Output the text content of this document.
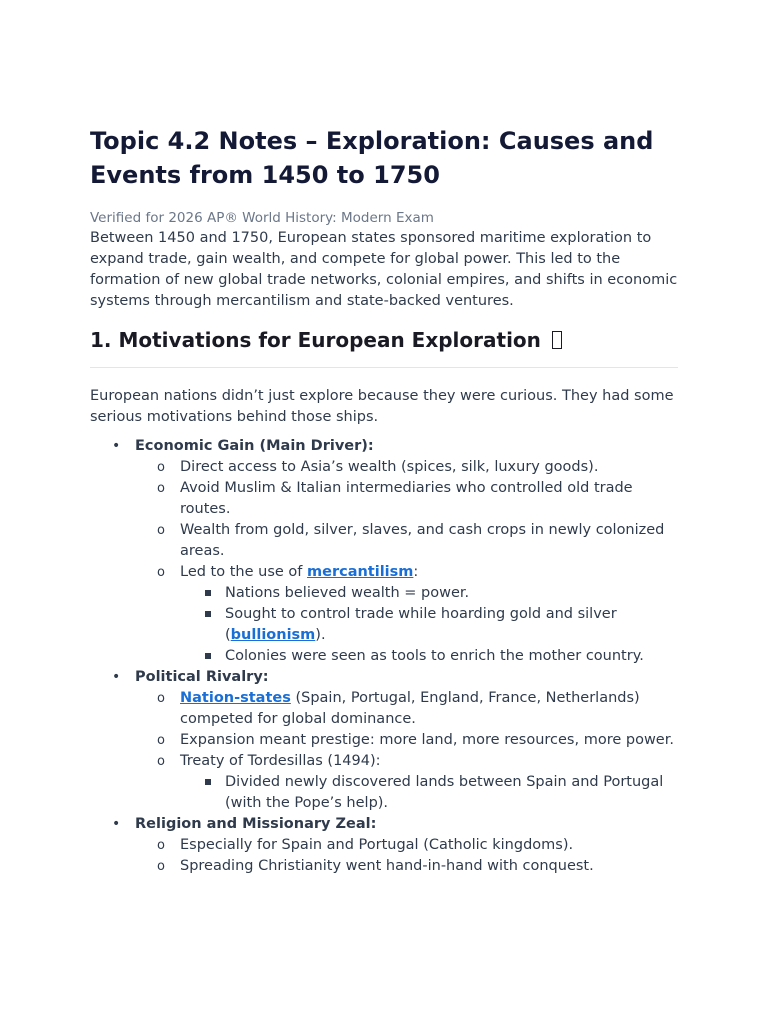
Topic 4.2 Notes – Exploration: Causes and Events from 1450 to 1750
Verified for 2026 AP® World History: Modern Exam

Between 1450 and 1750, European states sponsored maritime exploration to expand trade, gain wealth, and compete for global power. This led to the formation of new global trade networks, colonial empires, and shifts in economic systems through mercantilism and state-backed ventures.

1. Motivations for European Exploration

European nations didn’t just explore because they were curious. They had some serious motivations behind those ships.

• Economic Gain (Main Driver):
o Direct access to Asia’s wealth (spices, silk, luxury goods).
o Avoid Muslim & Italian intermediaries who controlled old trade routes.
o Wealth from gold, silver, slaves, and cash crops in newly colonized areas.
o Led to the use of mercantilism:
Nations believed wealth = power.
Sought to control trade while hoarding gold and silver (bullionism).
Colonies were seen as tools to enrich the mother country.
• Political Rivalry:
o Nation-states (Spain, Portugal, England, France, Netherlands) competed for global dominance.
o Expansion meant prestige: more land, more resources, more power.
o Treaty of Tordesillas (1494):
Divided newly discovered lands between Spain and Portugal (with the Pope’s help).
• Religion and Missionary Zeal:
o Especially for Spain and Portugal (Catholic kingdoms).
o Spreading Christianity went hand-in-hand with conquest.
